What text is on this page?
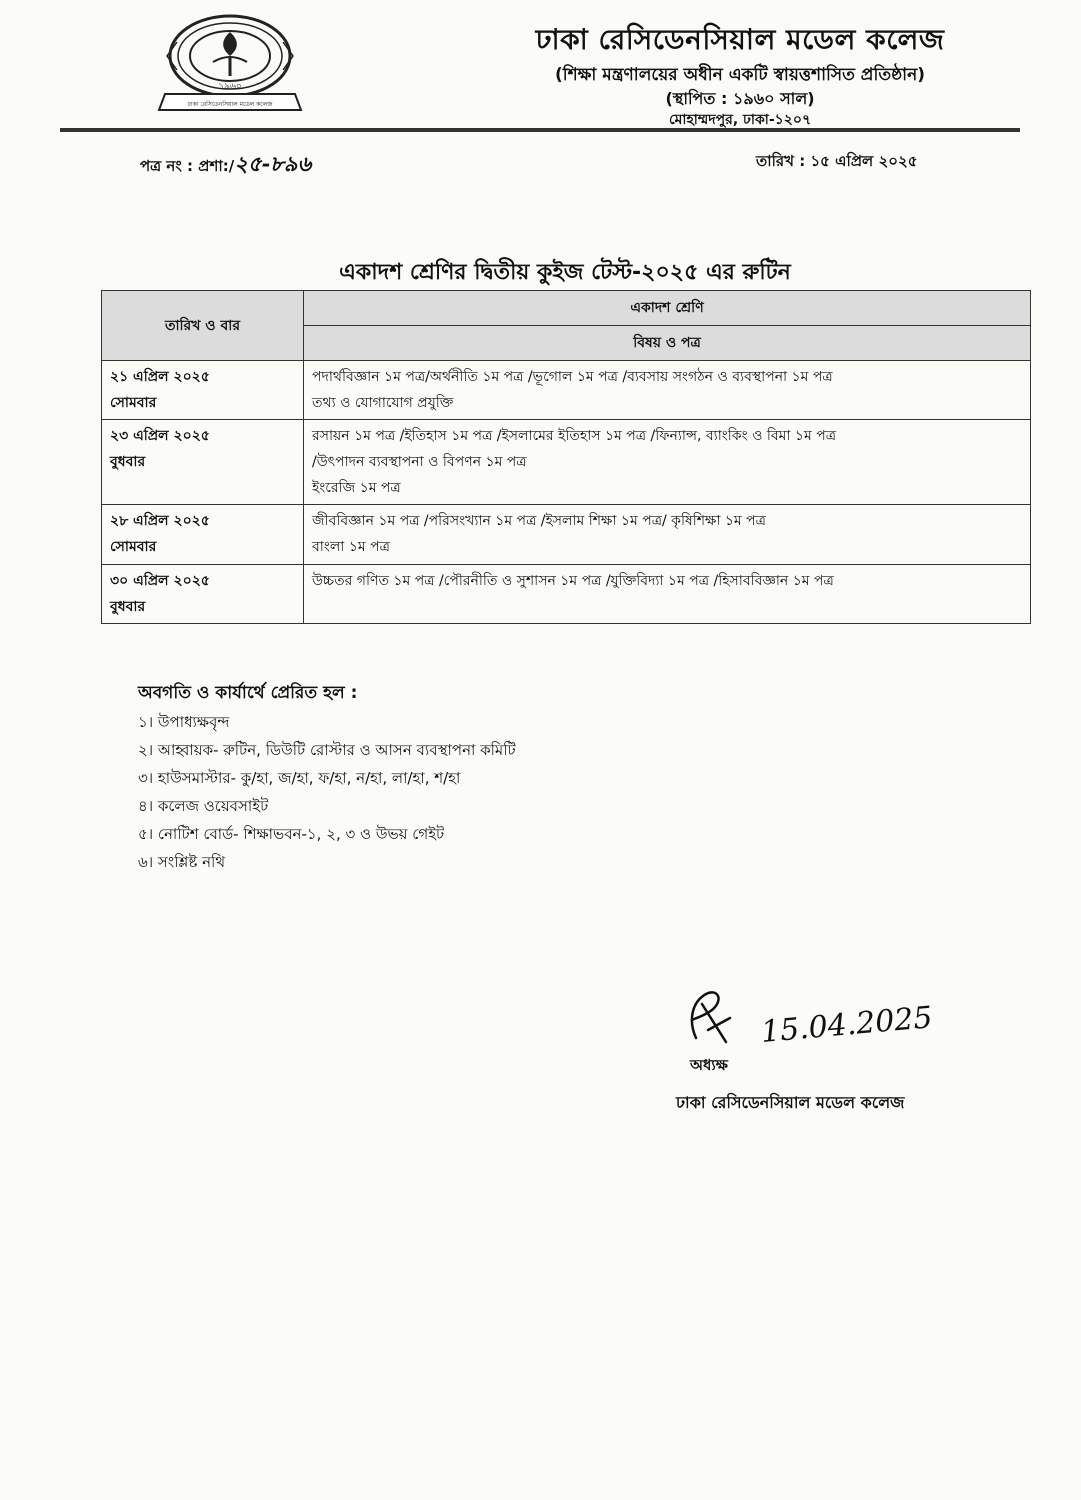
১৯৬০
ঢাকা রেসিডেনসিয়াল মডেল কলেজ
ঢাকা রেসিডেনসিয়াল মডেল কলেজ
(শিক্ষা মন্ত্রণালয়ের অধীন একটি স্বায়ত্তশাসিত প্রতিষ্ঠান)
(স্থাপিত : ১৯৬০ সাল)
মোহাম্মদপুর, ঢাকা-১২০৭
পত্র নং : প্রশা:/২৫-৮৯৬	তারিখ : ১৫ এপ্রিল ২০২৫
একাদশ শ্রেণির দ্বিতীয় কুইজ টেস্ট-২০২৫ এর রুটিন
তারিখ ও বার	একাদশ শ্রেণি
	বিষয় ও পত্র

২১ এপ্রিল ২০২৫
সোমবার	পদার্থবিজ্ঞান ১ম পত্র/অর্থনীতি ১ম পত্র /ভূগোল ১ম পত্র /ব্যবসায় সংগঠন ও ব্যবস্থাপনা ১ম পত্র
তথ্য ও যোগাযোগ প্রযুক্তি

২৩ এপ্রিল ২০২৫
বুধবার	রসায়ন ১ম পত্র /ইতিহাস ১ম পত্র /ইসলামের ইতিহাস ১ম পত্র /ফিন্যান্স, ব্যাংকিং ও বিমা ১ম পত্র
/উৎপাদন ব্যবস্থাপনা ও বিপণন ১ম পত্র
ইংরেজি ১ম পত্র

২৮ এপ্রিল ২০২৫
সোমবার	জীববিজ্ঞান ১ম পত্র /পরিসংখ্যান ১ম পত্র /ইসলাম শিক্ষা ১ম পত্র/ কৃষিশিক্ষা ১ম পত্র
বাংলা ১ম পত্র

৩০ এপ্রিল ২০২৫
বুধবার	উচ্চতর গণিত ১ম পত্র /পৌরনীতি ও সুশাসন ১ম পত্র /যুক্তিবিদ্যা ১ম পত্র /হিসাববিজ্ঞান ১ম পত্র
অবগতি ও কার্যার্থে প্রেরিত হল :
১। উপাধ্যক্ষবৃন্দ
২। আহ্বায়ক- রুটিন, ডিউটি রোস্টার ও আসন ব্যবস্থাপনা কমিটি
৩। হাউসমাস্টার- কু/হা, জ/হা, ফ/হা, ন/হা, লা/হা, শ/হা
৪। কলেজ ওয়েবসাইট
৫। নোটিশ বোর্ড- শিক্ষাভবন-১, ২, ৩ ও উভয় গেইট
৬। সংশ্লিষ্ট নথি
15.04.2025
অধ্যক্ষ
ঢাকা রেসিডেনসিয়াল মডেল কলেজ
